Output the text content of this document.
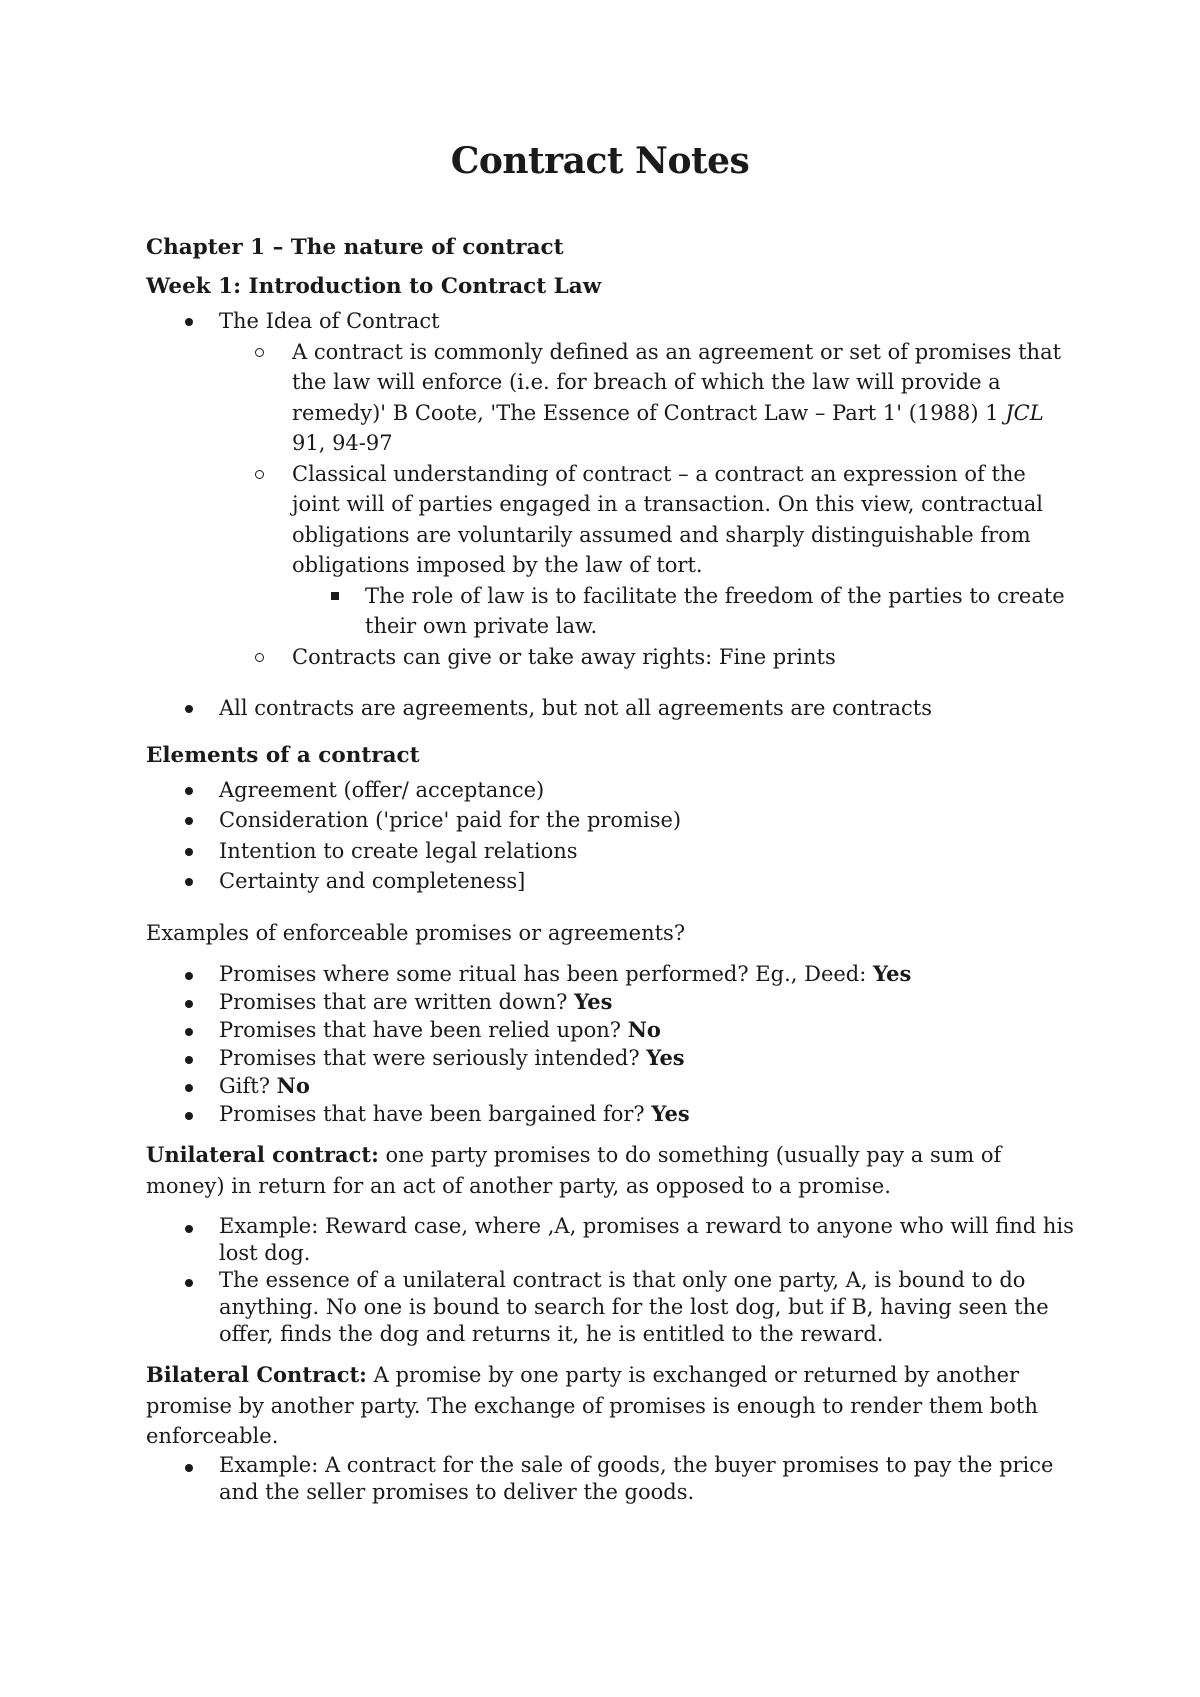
Contract Notes

Chapter 1 – The nature of contract

Week 1: Introduction to Contract Law

The Idea of Contract
A contract is commonly defined as an agreement or set of promises that the law will enforce (i.e. for breach of which the law will provide a remedy)' B Coote, 'The Essence of Contract Law – Part 1' (1988) 1 JCL 91, 94-97
Classical understanding of contract – a contract an expression of the joint will of parties engaged in a transaction. On this view, contractual obligations are voluntarily assumed and sharply distinguishable from obligations imposed by the law of tort.
The role of law is to facilitate the freedom of the parties to create their own private law.
Contracts can give or take away rights: Fine prints
All contracts are agreements, but not all agreements are contracts

Elements of a contract

Agreement (offer/ acceptance)
Consideration ('price' paid for the promise)
Intention to create legal relations
Certainty and completeness]

Examples of enforceable promises or agreements?

Promises where some ritual has been performed? Eg., Deed: Yes
Promises that are written down? Yes
Promises that have been relied upon? No
Promises that were seriously intended? Yes
Gift? No
Promises that have been bargained for? Yes

Unilateral contract: one party promises to do something (usually pay a sum of money) in return for an act of another party, as opposed to a promise.

Example: Reward case, where ,A, promises a reward to anyone who will find his lost dog.
The essence of a unilateral contract is that only one party, A, is bound to do anything. No one is bound to search for the lost dog, but if B, having seen the offer, finds the dog and returns it, he is entitled to the reward.

Bilateral Contract: A promise by one party is exchanged or returned by another promise by another party. The exchange of promises is enough to render them both enforceable.

Example: A contract for the sale of goods, the buyer promises to pay the price and the seller promises to deliver the goods.
